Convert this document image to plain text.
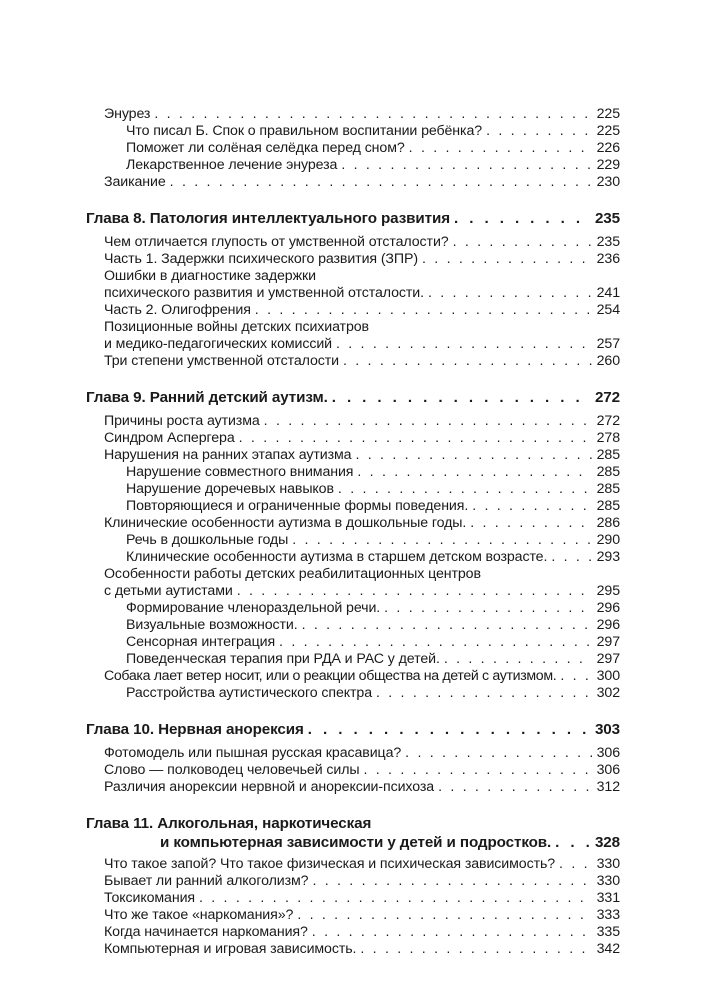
Энурез . . .	225
Что писал Б. Спок о правильном воспитании ребёнка? . . .	225
Поможет ли солёная селёдка перед сном? . . .	226
Лекарственное лечение энуреза . . .	229
Заикание . . .	230
Глава 8. Патология интеллектуального развития . . .	235
Чем отличается глупость от умственной отсталости? . . .	235
Часть 1. Задержки психического развития (ЗПР) . . .	236
Ошибки в диагностике задержки
психического развития и умственной отсталости. . . .	241
Часть 2. Олигофрения . . .	254
Позиционные войны детских психиатров
и медико-педагогических комиссий . . .	257
Три степени умственной отсталости . . .	260
Глава 9. Ранний детский аутизм. . . .	272
Причины роста аутизма . . .	272
Синдром Аспергера . . .	278
Нарушения на ранних этапах аутизма . . .	285
Нарушение совместного внимания . . .	285
Нарушение доречевых навыков . . .	285
Повторяющиеся и ограниченные формы поведения. . . .	285
Клинические особенности аутизма в дошкольные годы. . . .	286
Речь в дошкольные годы . . .	290
Клинические особенности аутизма в старшем детском возрасте. . . .	293
Особенности работы детских реабилитационных центров
с детьми аутистами . . .	295
Формирование членораздельной речи. . . .	296
Визуальные возможности. . . .	296
Сенсорная интеграция . . .	297
Поведенческая терапия при РДА и РАС у детей. . . .	297
Собака лает ветер носит, или о реакции общества на детей с аутизмом. . . .	300
Расстройства аутистического спектра . . .	302
Глава 10. Нервная анорексия . . .	303
Фотомодель или пышная русская красавица? . . .	306
Слово — полководец человечьей силы . . .	306
Различия анорексии нервной и анорексии-психоза . . .	312
Глава 11. Алкогольная, наркотическая
и компьютерная зависимости у детей и подростков. . . .	328
Что такое запой? Что такое физическая и психическая зависимость? . . .	330
Бывает ли ранний алкоголизм? . . .	330
Токсикомания . . .	331
Что же такое «наркомания»? . . .	333
Когда начинается наркомания? . . .	335
Компьютерная и игровая зависимость. . . .	342
